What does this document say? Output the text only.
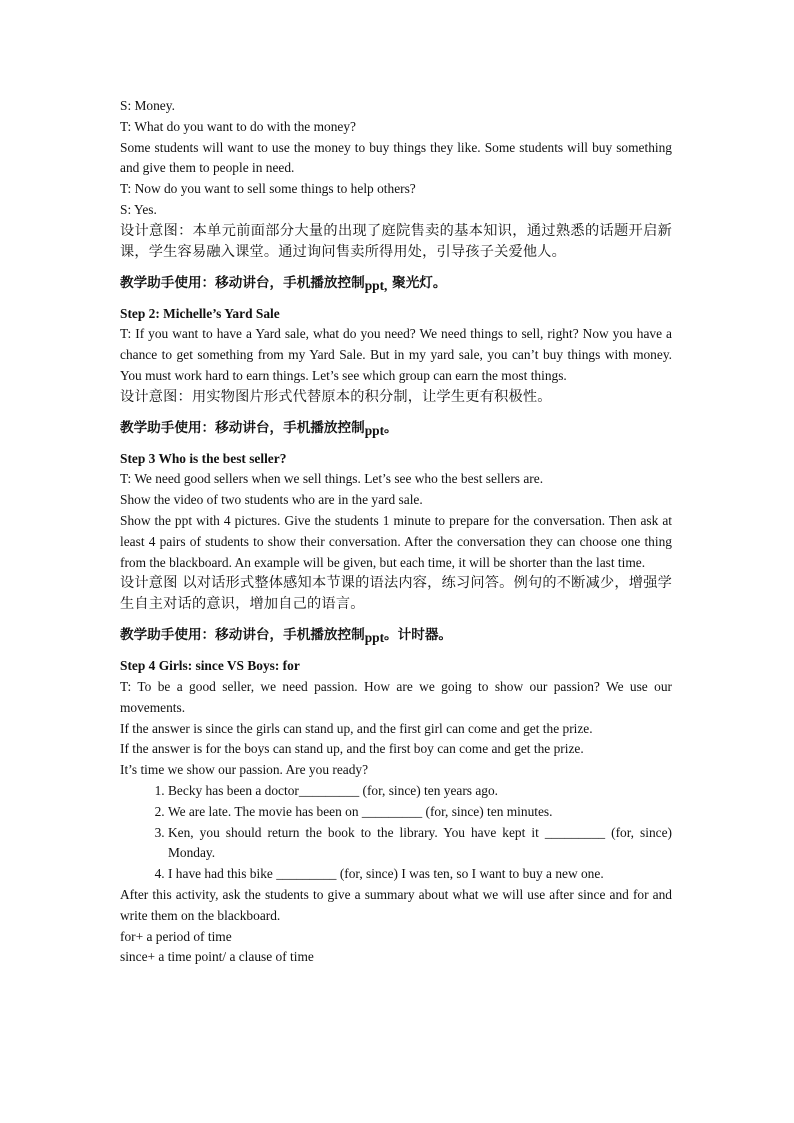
S: Money.

T: What do you want to do with the money?

Some students will want to use the money to buy things they like. Some students will buy something and give them to people in need.

T: Now do you want to sell some things to help others?

S: Yes.

设计意图：本单元前面部分大量的出现了庭院售卖的基本知识，通过熟悉的话题开启新课，学生容易融入课堂。通过询问售卖所得用处，引导孩子关爱他人。

教学助手使用：移动讲台，手机播放控制ppt, 聚光灯。

Step 2: Michelle’s Yard Sale

T: If you want to have a Yard sale, what do you need? We need things to sell, right? Now you have a chance to get something from my Yard Sale. But in my yard sale, you can’t buy things with money. You must work hard to earn things. Let’s see which group can earn the most things.

设计意图：用实物图片形式代替原本的积分制，让学生更有积极性。

教学助手使用：移动讲台，手机播放控制ppt。

Step 3 Who is the best seller?

T: We need good sellers when we sell things. Let’s see who the best sellers are.

Show the video of two students who are in the yard sale.

Show the ppt with 4 pictures. Give the students 1 minute to prepare for the conversation. Then ask at least 4 pairs of students to show their conversation. After the conversation they can choose one thing from the blackboard. An example will be given, but each time, it will be shorter than the last time.

设计意图 以对话形式整体感知本节课的语法内容，练习问答。例句的不断减少，增强学生自主对话的意识，增加自己的语言。

教学助手使用：移动讲台，手机播放控制ppt。计时器。

Step 4 Girls: since VS Boys: for

T: To be a good seller, we need passion. How are we going to show our passion? We use our movements.

If the answer is since the girls can stand up, and the first girl can come and get the prize.

If the answer is for the boys can stand up, and the first boy can come and get the prize.

It’s time we show our passion. Are you ready?

1. Becky has been a doctor_________ (for, since) ten years ago.
2. We are late. The movie has been on _________ (for, since) ten minutes.
3. Ken, you should return the book to the library. You have kept it _________ (for, since) Monday.
4. I have had this bike _________ (for, since) I was ten, so I want to buy a new one.

After this activity, ask the students to give a summary about what we will use after since and for and write them on the blackboard.

for+ a period of time

since+ a time point/ a clause of time
